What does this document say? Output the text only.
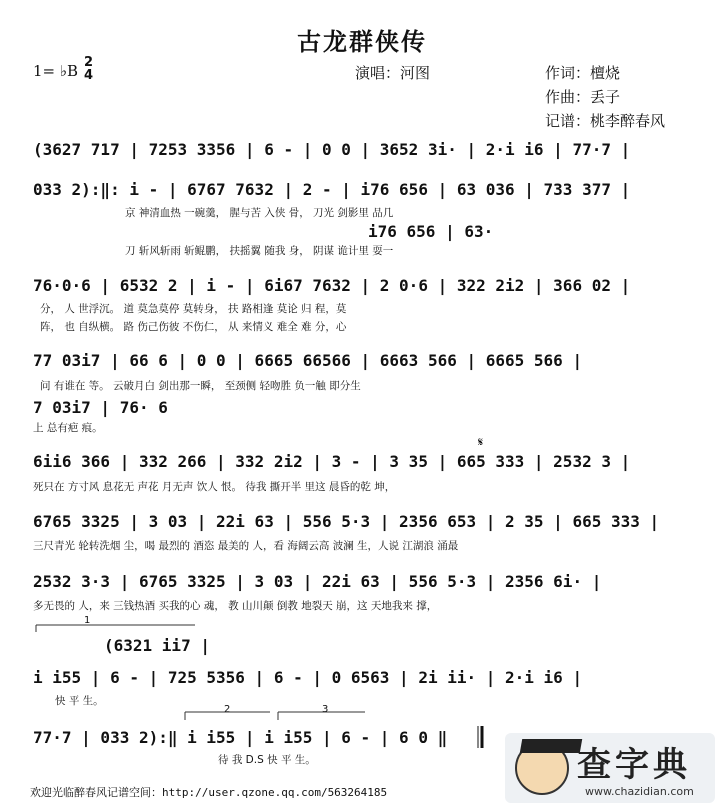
古龙群侠传
1= ♭B 2
4	演唱：河图	作词：檀烧
作曲：丢子
记谱：桃李醉春风
(3627 717 | 7253 3356 | 6 - | 0 0 | 3652 3i· | 2·i i6 | 77·7 |
033 2):‖: i - | 6767 7632 | 2 - | i76 656 | 63 036 | 733 377 |
京 神清血热 一碗羹， 腥与苦 入侠 骨， 刀光 剑影里 品几
i76 656 | 63·
刀 斩风斩雨 斩鲲鹏， 扶摇翼 随我 身， 阴谋 诡计里 耍一
76·0·6 | 6532 2 | i - | 6i67 7632 | 2 0·6 | 322 2i2 | 366 02 |
分， 人 世浮沉。 道 莫急莫停 莫转身， 扶 路相逢 莫论 归 程，莫
阵， 也 自纵横。 路 伤己伤彼 不伤仁， 从 来情义 难全 难 分，心
77 03i7 | 66 6 | 0 0 | 6665 66566 | 6663 566 | 6665 566 |
问 有谁在 等。 云破月白 剑出那一瞬， 至颈侧 轻吻胜 负一触 即分生
7 03i7 | 76· 6
上 总有疤 痕。
6ii6 366 | 332 266 | 332 2i2 | 3 - | 3 35 | 665 333 | 2532 3 |
死只在 方寸风 息花无 声花 月无声 饮人 恨。 待我 撕开半 里这 晨昏的乾 坤，
6765 3325 | 3 03 | 22i 63 | 556 5·3 | 2356 653 | 2 35 | 665 333 |
三尺青光 轮转洗烟 尘，喝 最烈的 酒恣 最美的 人，看 海阔云高 波澜 生，人说 江湖浪 涌最
2532 3·3 | 6765 3325 | 3 03 | 22i 63 | 556 5·3 | 2356 6i· |
多无畏的 人，来 三钱热酒 买我的心 魂， 教 山川颠 倒教 地裂天 崩，这 天地我来 撑，
1
(6321 ii7 |
i i55 | 6 - | 725 5356 | 6 - | 0 6563 | 2i ii· | 2·i i6 |
快 平 生。
2	3
77·7 | 033 2):‖ i i55 | i i55 | 6 - | 6 0 ‖
待 我 D.S 快 平 生。
𝄋
欢迎光临醉春风记谱空间：http://user.qzone.qq.com/563264185
查字典
www.chazidian.com
